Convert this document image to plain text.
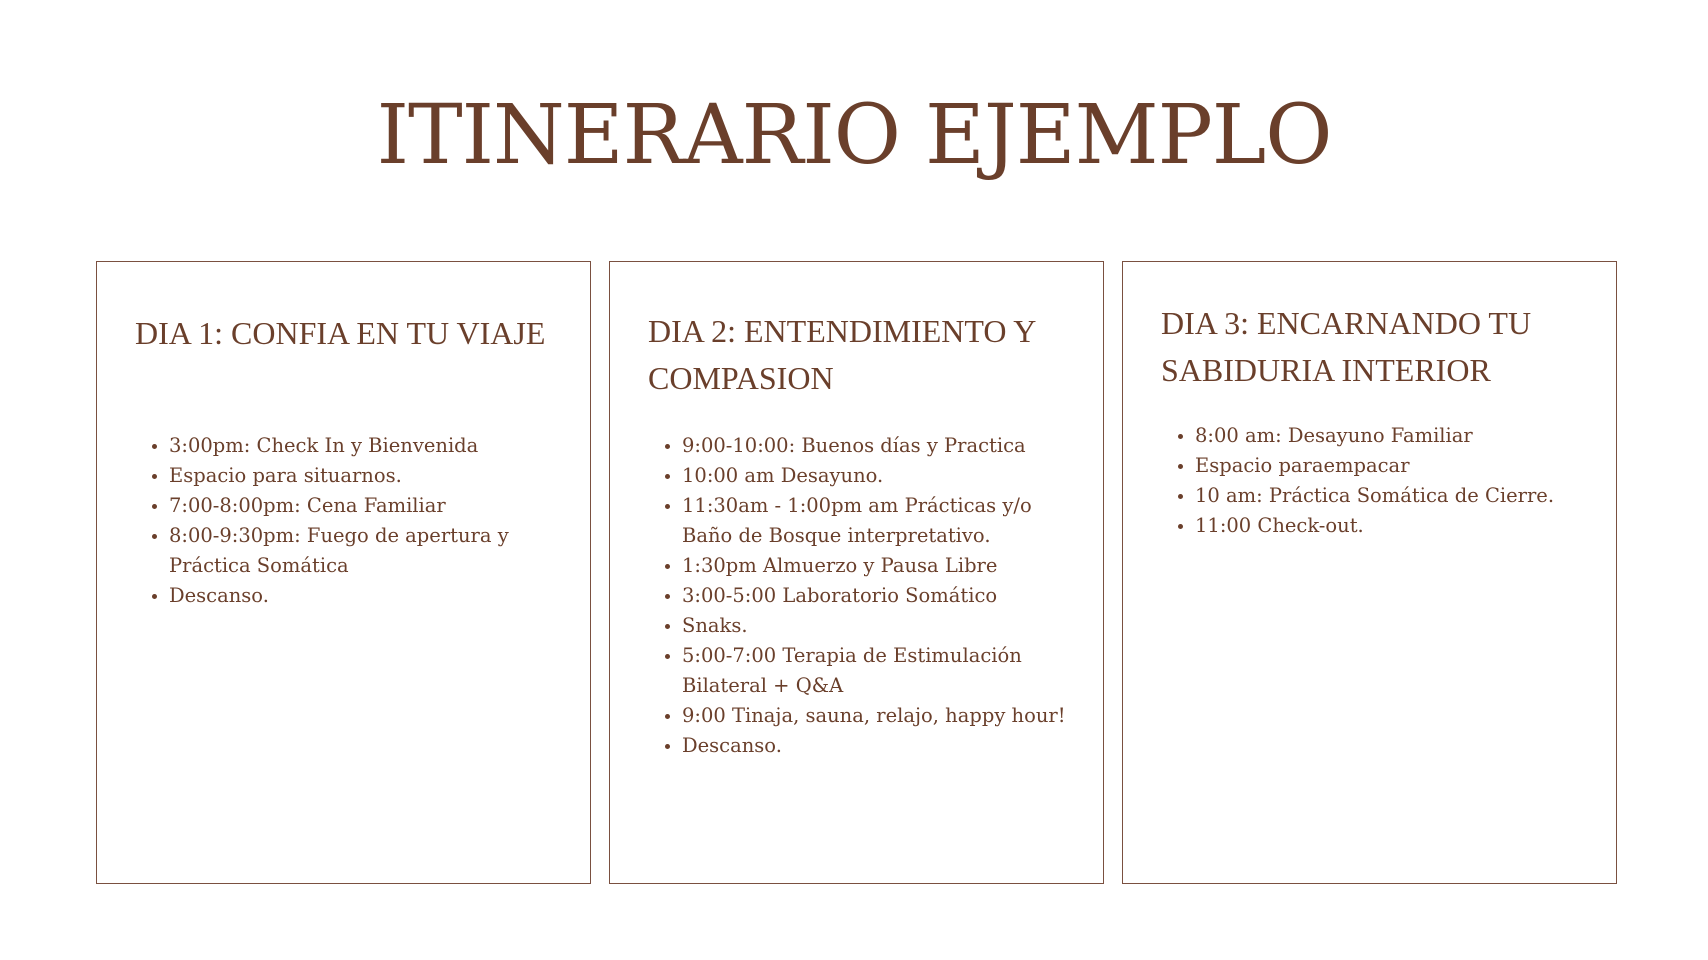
ITINERARIO EJEMPLO
DIA 1: CONFIA EN TU VIAJE
• 3:00pm: Check In y Bienvenida
• Espacio para situarnos.
• 7:00-8:00pm: Cena Familiar
• 8:00-9:30pm: Fuego de apertura y Práctica Somática
• Descanso.
DIA 2: ENTENDIMIENTO Y COMPASION
• 9:00-10:00: Buenos días y Practica
• 10:00 am Desayuno.
• 11:30am - 1:00pm am Prácticas y/o Baño de Bosque interpretativo.
• 1:30pm Almuerzo y Pausa Libre
• 3:00-5:00 Laboratorio Somático
• Snaks.
• 5:00-7:00 Terapia de Estimulación Bilateral + Q&A
• 9:00 Tinaja, sauna, relajo, happy hour!
• Descanso.
DIA 3: ENCARNANDO TU SABIDURIA INTERIOR
• 8:00 am: Desayuno Familiar
• Espacio paraempacar
• 10 am: Práctica Somática de Cierre.
• 11:00 Check-out.
